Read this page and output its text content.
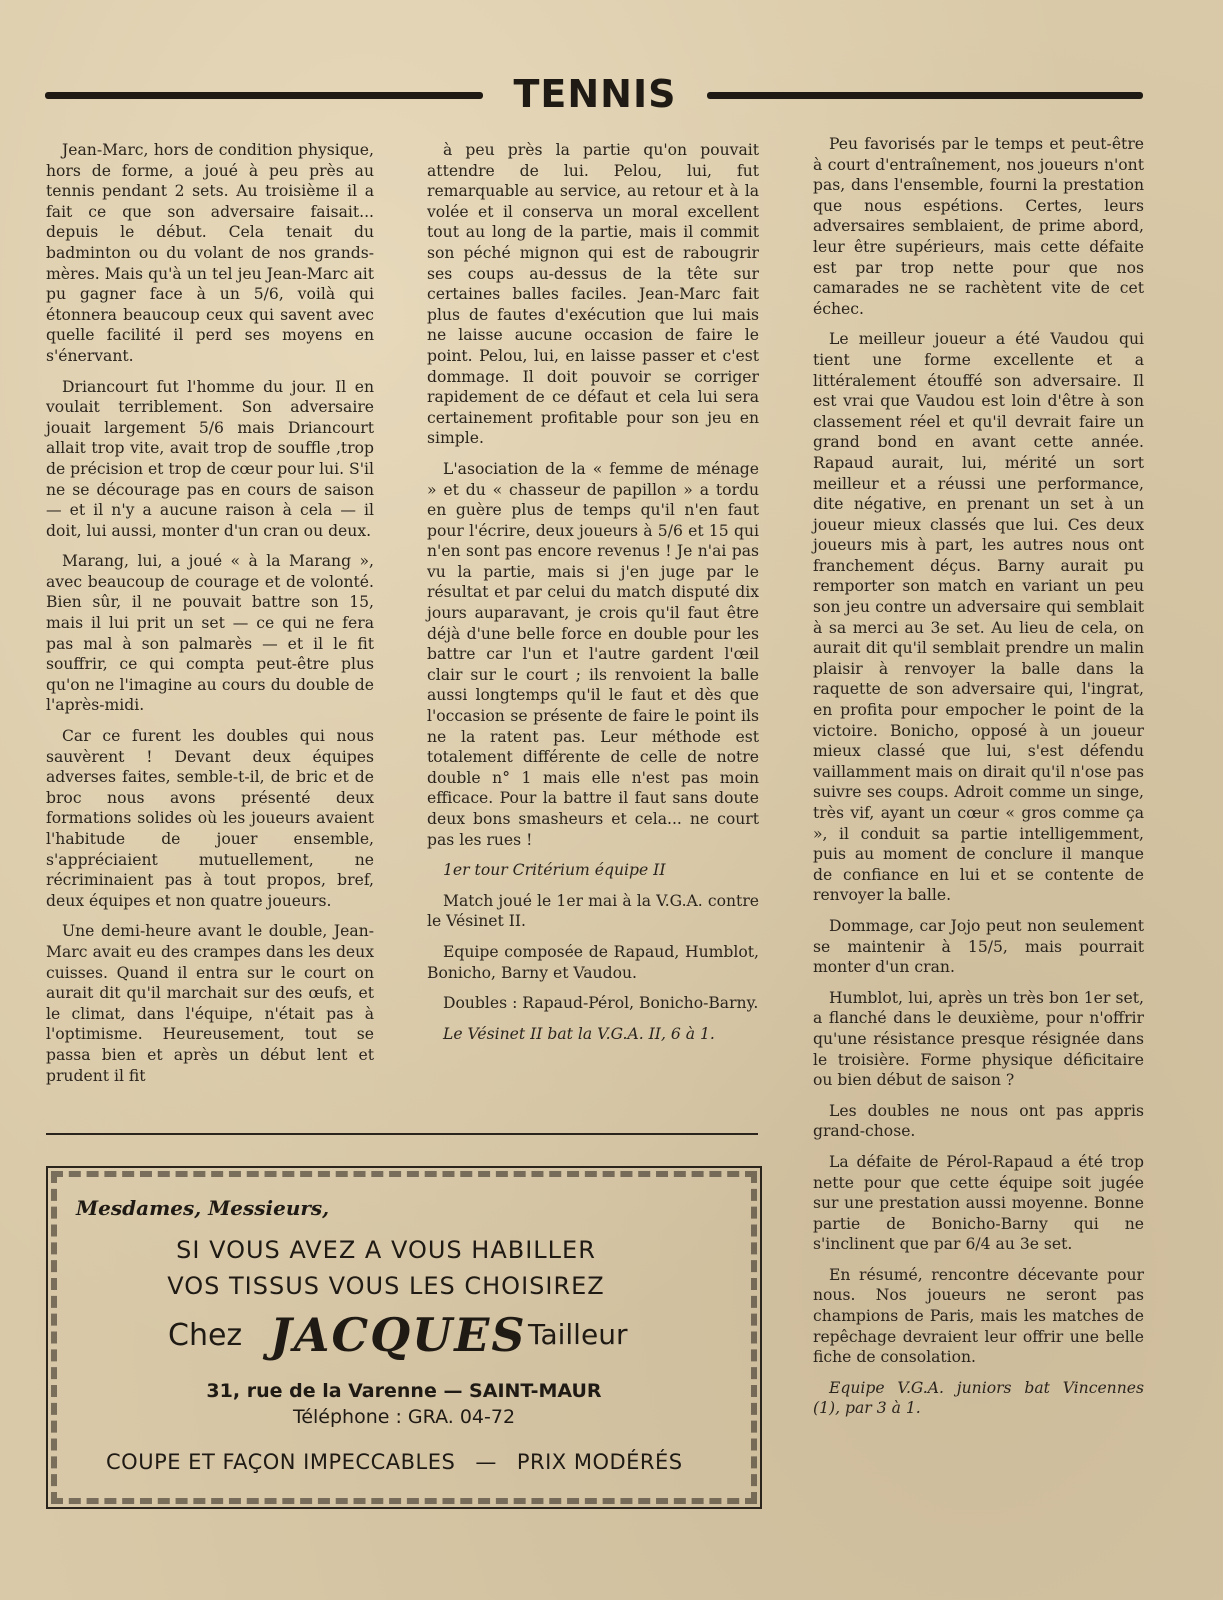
TENNIS

Jean-Marc, hors de condition physique, hors de forme, a joué à peu près au tennis pendant 2 sets. Au troisième il a fait ce que son adversaire faisait... depuis le début. Cela tenait du badminton ou du volant de nos grands-mères. Mais qu'à un tel jeu Jean-Marc ait pu gagner face à un 5/6, voilà qui étonnera beaucoup ceux qui savent avec quelle facilité il perd ses moyens en s'énervant.

Driancourt fut l'homme du jour. Il en voulait terriblement. Son adversaire jouait largement 5/6 mais Driancourt allait trop vite, avait trop de souffle ,trop de précision et trop de cœur pour lui. S'il ne se décourage pas en cours de saison — et il n'y a aucune raison à cela — il doit, lui aussi, monter d'un cran ou deux.

Marang, lui, a joué « à la Marang », avec beaucoup de courage et de volonté. Bien sûr, il ne pouvait battre son 15, mais il lui prit un set — ce qui ne fera pas mal à son palmarès — et il le fit souffrir, ce qui compta peut-être plus qu'on ne l'imagine au cours du double de l'après-midi.

Car ce furent les doubles qui nous sauvèrent ! Devant deux équipes adverses faites, semble-t-il, de bric et de broc nous avons présenté deux formations solides où les joueurs avaient l'habitude de jouer ensemble, s'appréciaient mutuellement, ne récriminaient pas à tout propos, bref, deux équipes et non quatre joueurs.

Une demi-heure avant le double, Jean-Marc avait eu des crampes dans les deux cuisses. Quand il entra sur le court on aurait dit qu'il marchait sur des œufs, et le climat, dans l'équipe, n'était pas à l'optimisme. Heureusement, tout se passa bien et après un début lent et prudent il fit

à peu près la partie qu'on pouvait attendre de lui. Pelou, lui, fut remarquable au service, au retour et à la volée et il conserva un moral excellent tout au long de la partie, mais il commit son péché mignon qui est de rabougrir ses coups au-dessus de la tête sur certaines balles faciles. Jean-Marc fait plus de fautes d'exécution que lui mais ne laisse aucune occasion de faire le point. Pelou, lui, en laisse passer et c'est dommage. Il doit pouvoir se corriger rapidement de ce défaut et cela lui sera certainement profitable pour son jeu en simple.

L'asociation de la « femme de ménage » et du « chasseur de papillon » a tordu en guère plus de temps qu'il n'en faut pour l'écrire, deux joueurs à 5/6 et 15 qui n'en sont pas encore revenus ! Je n'ai pas vu la partie, mais si j'en juge par le résultat et par celui du match disputé dix jours auparavant, je crois qu'il faut être déjà d'une belle force en double pour les battre car l'un et l'autre gardent l'œil clair sur le court ; ils renvoient la balle aussi longtemps qu'il le faut et dès que l'occasion se présente de faire le point ils ne la ratent pas. Leur méthode est totalement différente de celle de notre double n° 1 mais elle n'est pas moin efficace. Pour la battre il faut sans doute deux bons smasheurs et cela... ne court pas les rues !

1er tour Critérium équipe II

Match joué le 1er mai à la V.G.A. contre le Vésinet II.

Equipe composée de Rapaud, Humblot, Bonicho, Barny et Vaudou.

Doubles : Rapaud-Pérol, Bonicho-Barny.

Le Vésinet II bat la V.G.A. II, 6 à 1.

Peu favorisés par le temps et peut-être à court d'entraînement, nos joueurs n'ont pas, dans l'ensemble, fourni la prestation que nous espétions. Certes, leurs adversaires semblaient, de prime abord, leur être supérieurs, mais cette défaite est par trop nette pour que nos camarades ne se rachètent vite de cet échec.

Le meilleur joueur a été Vaudou qui tient une forme excellente et a littéralement étouffé son adversaire. Il est vrai que Vaudou est loin d'être à son classement réel et qu'il devrait faire un grand bond en avant cette année. Rapaud aurait, lui, mérité un sort meilleur et a réussi une performance, dite négative, en prenant un set à un joueur mieux classés que lui. Ces deux joueurs mis à part, les autres nous ont franchement déçus. Barny aurait pu remporter son match en variant un peu son jeu contre un adversaire qui semblait à sa merci au 3e set. Au lieu de cela, on aurait dit qu'il semblait prendre un malin plaisir à renvoyer la balle dans la raquette de son adversaire qui, l'ingrat, en profita pour empocher le point de la victoire. Bonicho, opposé à un joueur mieux classé que lui, s'est défendu vaillamment mais on dirait qu'il n'ose pas suivre ses coups. Adroit comme un singe, très vif, ayant un cœur « gros comme ça », il conduit sa partie intelligemment, puis au moment de conclure il manque de confiance en lui et se contente de renvoyer la balle.

Dommage, car Jojo peut non seulement se maintenir à 15/5, mais pourrait monter d'un cran.

Humblot, lui, après un très bon 1er set, a flanché dans le deuxième, pour n'offrir qu'une résistance presque résignée dans le troisière. Forme physique déficitaire ou bien début de saison ?

Les doubles ne nous ont pas appris grand-chose.

La défaite de Pérol-Rapaud a été trop nette pour que cette équipe soit jugée sur une prestation aussi moyenne. Bonne partie de Bonicho-Barny qui ne s'inclinent que par 6/4 au 3e set.

En résumé, rencontre décevante pour nous. Nos joueurs ne seront pas champions de Paris, mais les matches de repêchage devraient leur offrir une belle fiche de consolation.

Equipe V.G.A. juniors bat Vincennes (1), par 3 à 1.

Mesdames, Messieurs,
SI VOUS AVEZ A VOUS HABILLER
VOS TISSUS VOUS LES CHOISIREZ
Chez JACQUES Tailleur
31, rue de la Varenne — SAINT-MAUR
Téléphone : GRA. 04-72
COUPE ET FAÇON IMPECCABLES — PRIX MODÉRÉS
